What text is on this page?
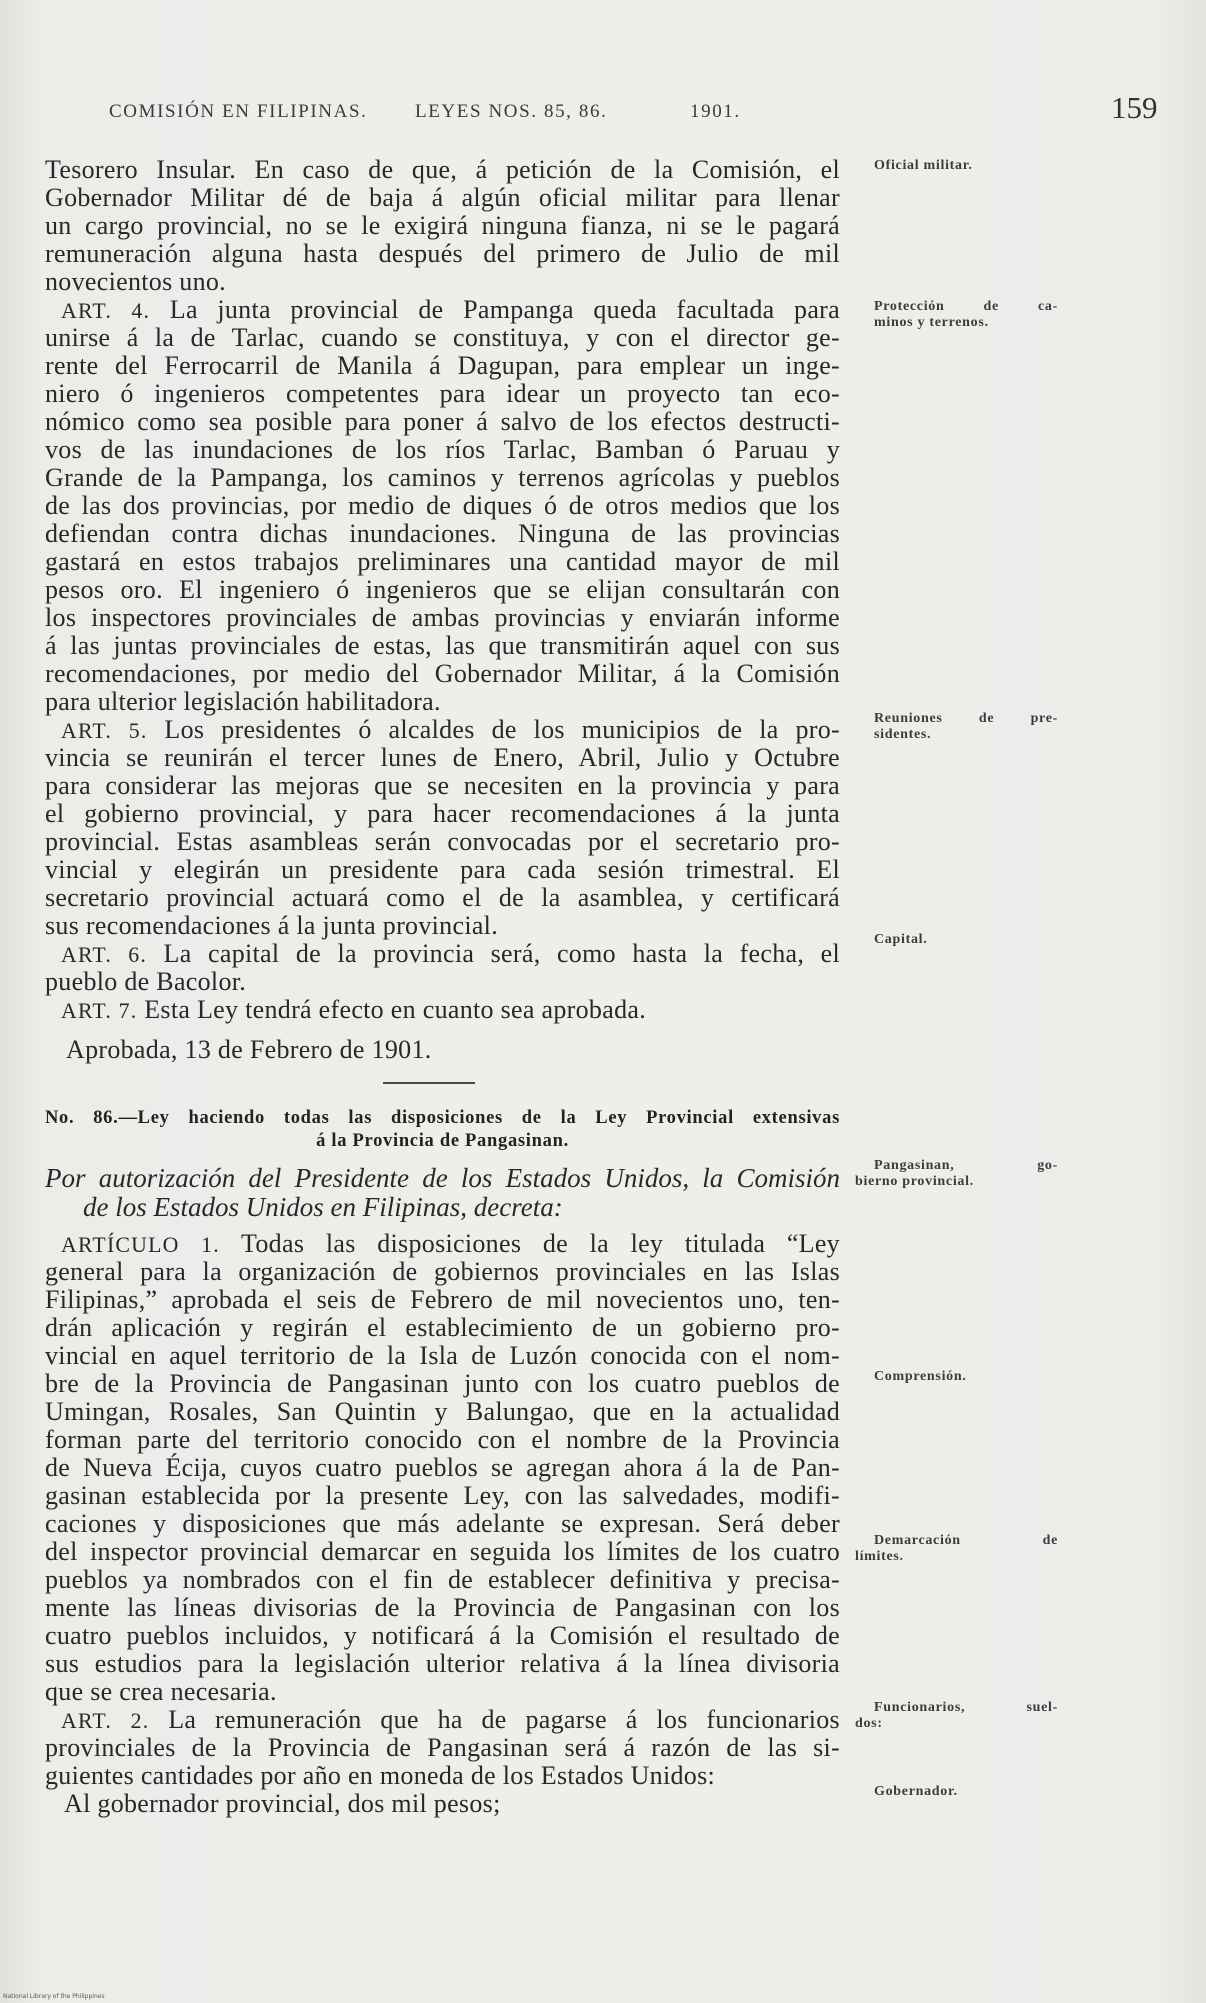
COMISIÓN EN FILIPINAS.	LEYES NOS. 85, 86.	1901.	159
Tesorero Insular. En caso de que, á petición de la Comisión, el
Gobernador Militar dé de baja á algún oficial militar para llenar
un cargo provincial, no se le exigirá ninguna fianza, ni se le pagará
remuneración alguna hasta después del primero de Julio de mil
novecientos uno.
ART. 4. La junta provincial de Pampanga queda facultada para
unirse á la de Tarlac, cuando se constituya, y con el director ge-
rente del Ferrocarril de Manila á Dagupan, para emplear un inge-
niero ó ingenieros competentes para idear un proyecto tan eco-
nómico como sea posible para poner á salvo de los efectos destructi-
vos de las inundaciones de los ríos Tarlac, Bamban ó Paruau y
Grande de la Pampanga, los caminos y terrenos agrícolas y pueblos
de las dos provincias, por medio de diques ó de otros medios que los
defiendan contra dichas inundaciones. Ninguna de las provincias
gastará en estos trabajos preliminares una cantidad mayor de mil
pesos oro. El ingeniero ó ingenieros que se elijan consultarán con
los inspectores provinciales de ambas provincias y enviarán informe
á las juntas provinciales de estas, las que transmitirán aquel con sus
recomendaciones, por medio del Gobernador Militar, á la Comisión
para ulterior legislación habilitadora.
ART. 5. Los presidentes ó alcaldes de los municipios de la pro-
vincia se reunirán el tercer lunes de Enero, Abril, Julio y Octubre
para considerar las mejoras que se necesiten en la provincia y para
el gobierno provincial, y para hacer recomendaciones á la junta
provincial. Estas asambleas serán convocadas por el secretario pro-
vincial y elegirán un presidente para cada sesión trimestral. El
secretario provincial actuará como el de la asamblea, y certificará
sus recomendaciones á la junta provincial.
ART. 6. La capital de la provincia será, como hasta la fecha, el
pueblo de Bacolor.
ART. 7. Esta Ley tendrá efecto en cuanto sea aprobada.
Aprobada, 13 de Febrero de 1901.
No. 86.—Ley haciendo todas las disposiciones de la Ley Provincial extensivas
á la Provincia de Pangasinan.
Por autorización del Presidente de los Estados Unidos, la Comisión
de los Estados Unidos en Filipinas, decreta:
ARTÍCULO 1. Todas las disposiciones de la ley titulada “Ley
general para la organización de gobiernos provinciales en las Islas
Filipinas,” aprobada el seis de Febrero de mil novecientos uno, ten-
drán aplicación y regirán el establecimiento de un gobierno pro-
vincial en aquel territorio de la Isla de Luzón conocida con el nom-
bre de la Provincia de Pangasinan junto con los cuatro pueblos de
Umingan, Rosales, San Quintin y Balungao, que en la actualidad
forman parte del territorio conocido con el nombre de la Provincia
de Nueva Écija, cuyos cuatro pueblos se agregan ahora á la de Pan-
gasinan establecida por la presente Ley, con las salvedades, modifi-
caciones y disposiciones que más adelante se expresan. Será deber
del inspector provincial demarcar en seguida los límites de los cuatro
pueblos ya nombrados con el fin de establecer definitiva y precisa-
mente las líneas divisorias de la Provincia de Pangasinan con los
cuatro pueblos incluidos, y notificará á la Comisión el resultado de
sus estudios para la legislación ulterior relativa á la línea divisoria
que se crea necesaria.
ART. 2. La remuneración que ha de pagarse á los funcionarios
provinciales de la Provincia de Pangasinan será á razón de las si-
guientes cantidades por año en moneda de los Estados Unidos:
Al gobernador provincial, dos mil pesos;
Oficial militar.
Protección de ca-
minos y terrenos.
Reuniones de pre-
sidentes.
Capital.
Pangasinan, go-
bierno provincial.
Comprensión.
Demarcación de
límites.
Funcionarios, suel-
dos:
Gobernador.
National Library of the Philippines
